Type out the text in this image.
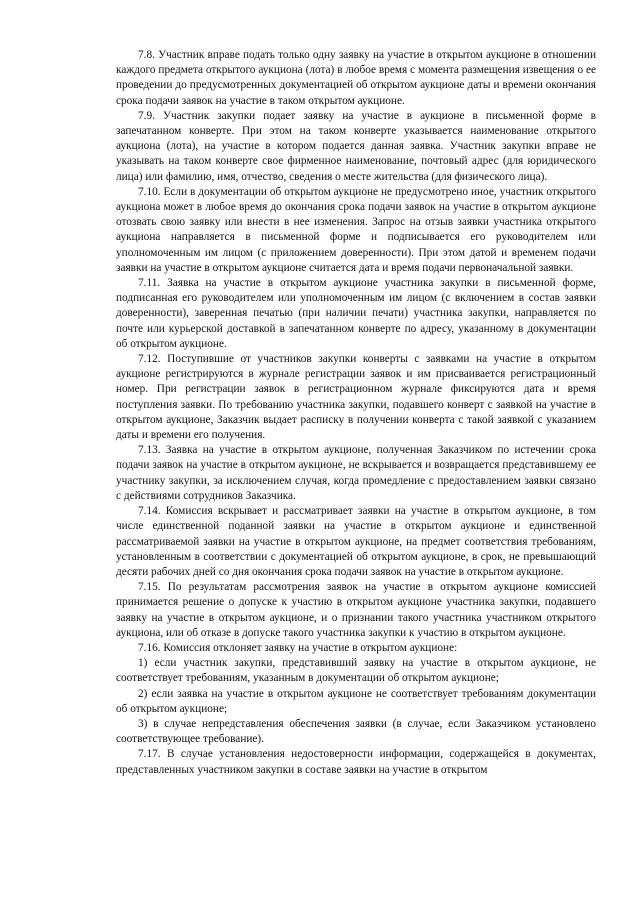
7.8. Участник вправе подать только одну заявку на участие в открытом аукционе в отношении каждого предмета открытого аукциона (лота) в любое время с момента размещения извещения о ее проведении до предусмотренных документацией об открытом аукционе даты и времени окончания срока подачи заявок на участие в таком открытом аукционе.

7.9. Участник закупки подает заявку на участие в аукционе в письменной форме в запечатанном конверте. При этом на таком конверте указывается наименование открытого аукциона (лота), на участие в котором подается данная заявка. Участник закупки вправе не указывать на таком конверте свое фирменное наименование, почтовый адрес (для юридического лица) или фамилию, имя, отчество, сведения о месте жительства (для физического лица).

7.10. Если в документации об открытом аукционе не предусмотрено иное, участник открытого аукциона может в любое время до окончания срока подачи заявок на участие в открытом аукционе отозвать свою заявку или внести в нее изменения. Запрос на отзыв заявки участника открытого аукциона направляется в письменной форме и подписывается его руководителем или уполномоченным им лицом (с приложением доверенности). При этом датой и временем подачи заявки на участие в открытом аукционе считается дата и время подачи первоначальной заявки.

7.11. Заявка на участие в открытом аукционе участника закупки в письменной форме, подписанная его руководителем или уполномоченным им лицом (с включением в состав заявки доверенности), заверенная печатью (при наличии печати) участника закупки, направляется по почте или курьерской доставкой в запечатанном конверте по адресу, указанному в документации об открытом аукционе.

7.12. Поступившие от участников закупки конверты с заявками на участие в открытом аукционе регистрируются в журнале регистрации заявок и им присваивается регистрационный номер. При регистрации заявок в регистрационном журнале фиксируются дата и время поступления заявки. По требованию участника закупки, подавшего конверт с заявкой на участие в открытом аукционе, Заказчик выдает расписку в получении конверта с такой заявкой с указанием даты и времени его получения.

7.13. Заявка на участие в открытом аукционе, полученная Заказчиком по истечении срока подачи заявок на участие в открытом аукционе, не вскрывается и возвращается представившему ее участнику закупки, за исключением случая, когда промедление с предоставлением заявки связано с действиями сотрудников Заказчика.

7.14. Комиссия вскрывает и рассматривает заявки на участие в открытом аукционе, в том числе единственной поданной заявки на участие в открытом аукционе и единственной рассматриваемой заявки на участие в открытом аукционе, на предмет соответствия требованиям, установленным в соответствии с документацией об открытом аукционе, в срок, не превышающий десяти рабочих дней со дня окончания срока подачи заявок на участие в открытом аукционе.

7.15. По результатам рассмотрения заявок на участие в открытом аукционе комиссией принимается решение о допуске к участию в открытом аукционе участника закупки, подавшего заявку на участие в открытом аукционе, и о признании такого участника участником открытого аукциона, или об отказе в допуске такого участника закупки к участию в открытом аукционе.

7.16. Комиссия отклоняет заявку на участие в открытом аукционе:

1) если участник закупки, представивший заявку на участие в открытом аукционе, не соответствует требованиям, указанным в документации об открытом аукционе;

2) если заявка на участие в открытом аукционе не соответствует требованиям документации об открытом аукционе;

3) в случае непредставления обеспечения заявки (в случае, если Заказчиком установлено соответствующее требование).

7.17. В случае установления недостоверности информации, содержащейся в документах, представленных участником закупки в составе заявки на участие в открытом
